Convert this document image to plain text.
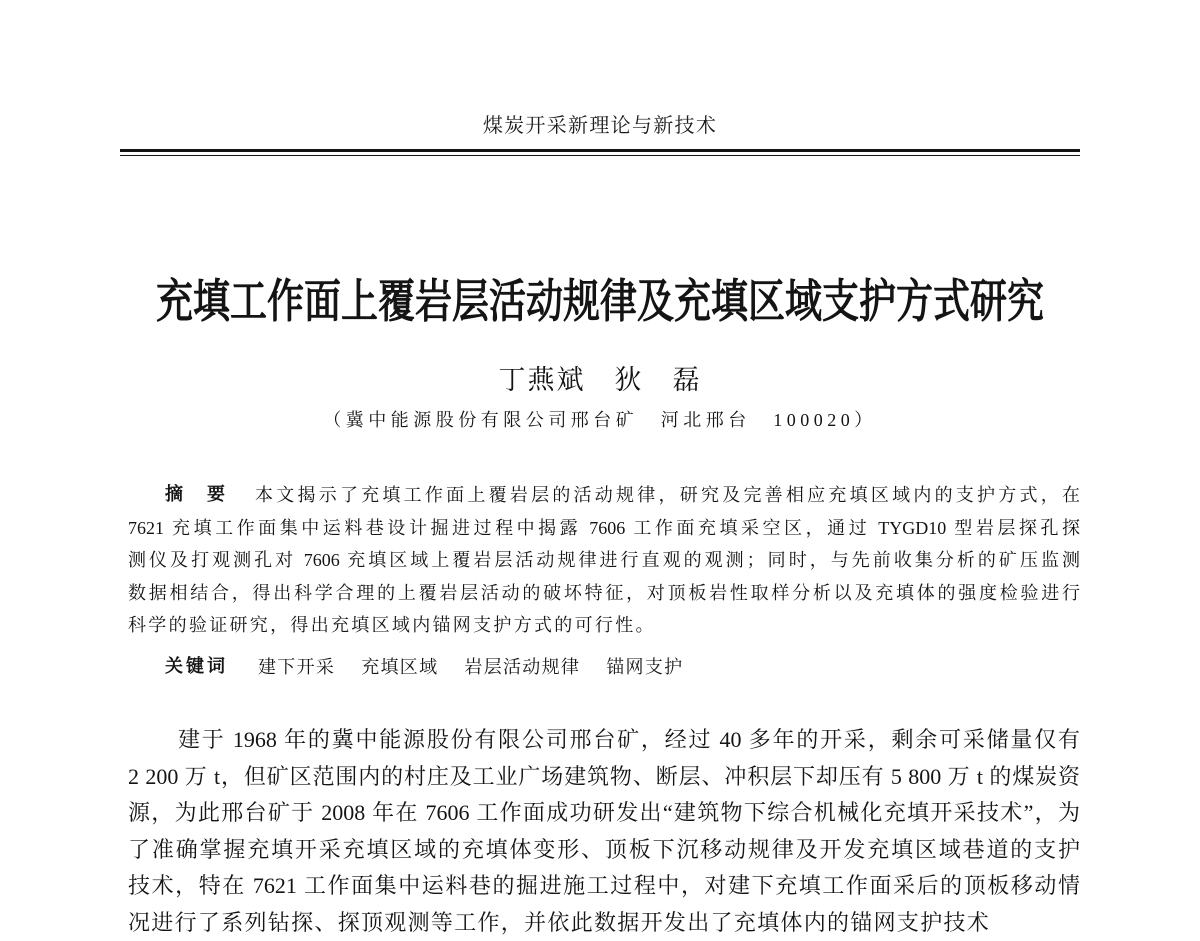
煤炭开采新理论与新技术
充填工作面上覆岩层活动规律及充填区域支护方式研究
丁燕斌　狄　磊
（冀中能源股份有限公司邢台矿　河北邢台　100020）
摘　要 本文揭示了充填工作面上覆岩层的活动规律，研究及完善相应充填区域内的支护方式，在
7621 充填工作面集中运料巷设计掘进过程中揭露 7606 工作面充填采空区，通过 TYGD10 型岩层探孔探
测仪及打观测孔对 7606 充填区域上覆岩层活动规律进行直观的观测；同时，与先前收集分析的矿压监测
数据相结合，得出科学合理的上覆岩层活动的破坏特征，对顶板岩性取样分析以及充填体的强度检验进行
科学的验证研究，得出充填区域内锚网支护方式的可行性。
关键词 建下开采 充填区域 岩层活动规律 锚网支护
建于 1968 年的冀中能源股份有限公司邢台矿，经过 40 多年的开采，剩余可采储量仅有
2 200 万 t，但矿区范围内的村庄及工业广场建筑物、断层、冲积层下却压有 5 800 万 t 的煤炭资
源，为此邢台矿于 2008 年在 7606 工作面成功研发出“建筑物下综合机械化充填开采技术”，为
了准确掌握充填开采充填区域的充填体变形、顶板下沉移动规律及开发充填区域巷道的支护
技术，特在 7621 工作面集中运料巷的掘进施工过程中，对建下充填工作面采后的顶板移动情
况进行了系列钻探、探顶观测等工作，并依此数据开发出了充填体内的锚网支护技术
